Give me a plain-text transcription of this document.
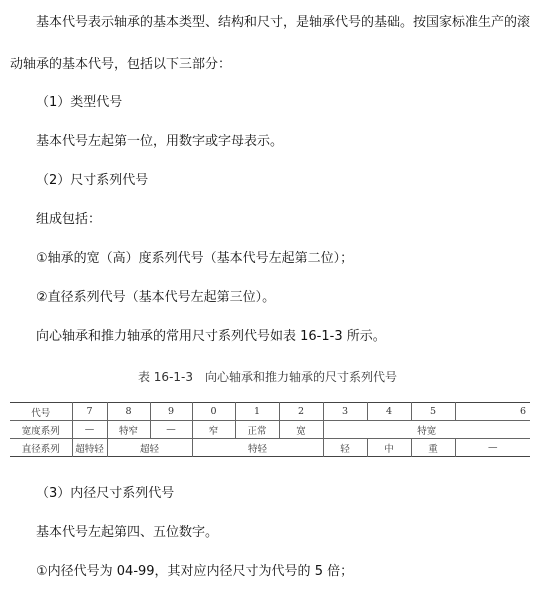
基本代号表示轴承的基本类型、结构和尺寸，是轴承代号的基础。按国家标准生产的滚
动轴承的基本代号，包括以下三部分：
（1）类型代号
基本代号左起第一位，用数字或字母表示。
（2）尺寸系列代号
组成包括：
①轴承的宽（高）度系列代号（基本代号左起第二位）；
②直径系列代号（基本代号左起第三位）。
向心轴承和推力轴承的常用尺寸系列代号如表 16-1-3 所示。
表 16-1-3　向心轴承和推力轴承的尺寸系列代号
代号	7	8	9	0	1	2	3	4	5	6
宽度系列	—	特窄	—	窄	正常	宽	特宽			
直径系列	超特轻	超轻		特轻			轻	中	重	—
（3）内径尺寸系列代号
基本代号左起第四、五位数字。
①内径代号为 04-99，其对应内径尺寸为代号的 5 倍；
